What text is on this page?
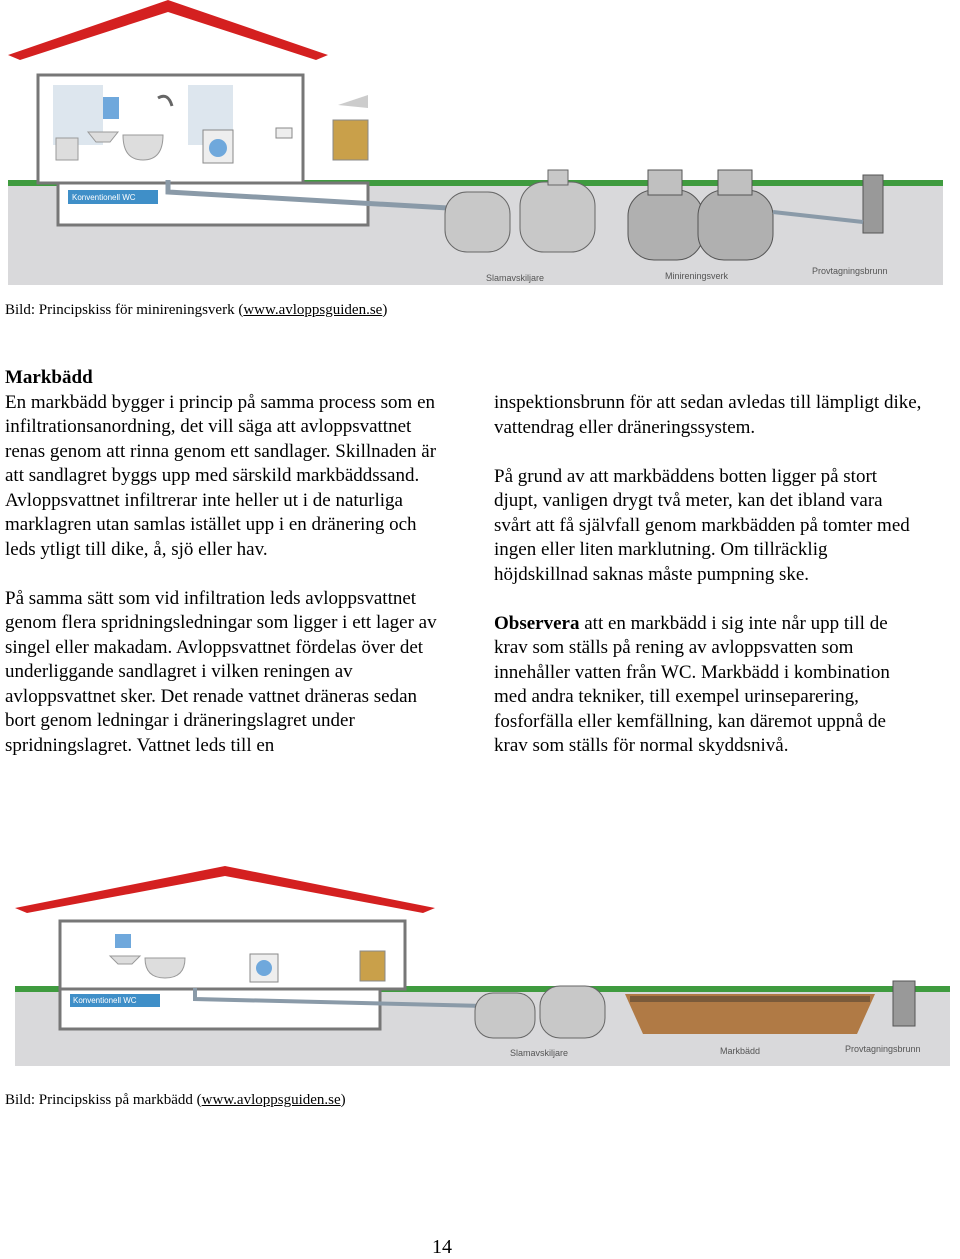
Konventionell WC
Slamavskiljare	Minireningsverk	Provtagningsbrunn
Bild: Principskiss för minireningsverk (www.avloppsguiden.se)

Markbädd
En markbädd bygger i princip på samma process som en infiltrationsanordning, det vill säga att avloppsvattnet renas genom att rinna genom ett sandlager. Skillnaden är att sandlagret byggs upp med särskild markbäddssand. Avloppsvattnet infiltrerar inte heller ut i de naturliga marklagren utan samlas istället upp i en dränering och leds ytligt till dike, å, sjö eller hav.

På samma sätt som vid infiltration leds avloppsvattnet genom flera spridningsledningar som ligger i ett lager av singel eller makadam. Avloppsvattnet fördelas över det underliggande sandlagret i vilken reningen av avloppsvattnet sker. Det renade vattnet dräneras sedan bort genom ledningar i dräneringslagret under spridningslagret. Vattnet leds till en

inspektionsbrunn för att sedan avledas till lämpligt dike, vattendrag eller dräneringssystem.

På grund av att markbäddens botten ligger på stort djupt, vanligen drygt två meter, kan det ibland vara svårt att få självfall genom markbädden på tomter med ingen eller liten marklutning. Om tillräcklig höjdskillnad saknas måste pumpning ske.

Observera att en markbädd i sig inte når upp till de krav som ställs på rening av avloppsvatten som innehåller vatten från WC. Markbädd i kombination med andra tekniker, till exempel urinseparering, fosforfälla eller kemfällning, kan däremot uppnå de krav som ställs för normal skyddsnivå.

Konventionell WC
Slamavskiljare	Markbädd	Provtagningsbrunn
Bild: Principskiss på markbädd (www.avloppsguiden.se)
14
